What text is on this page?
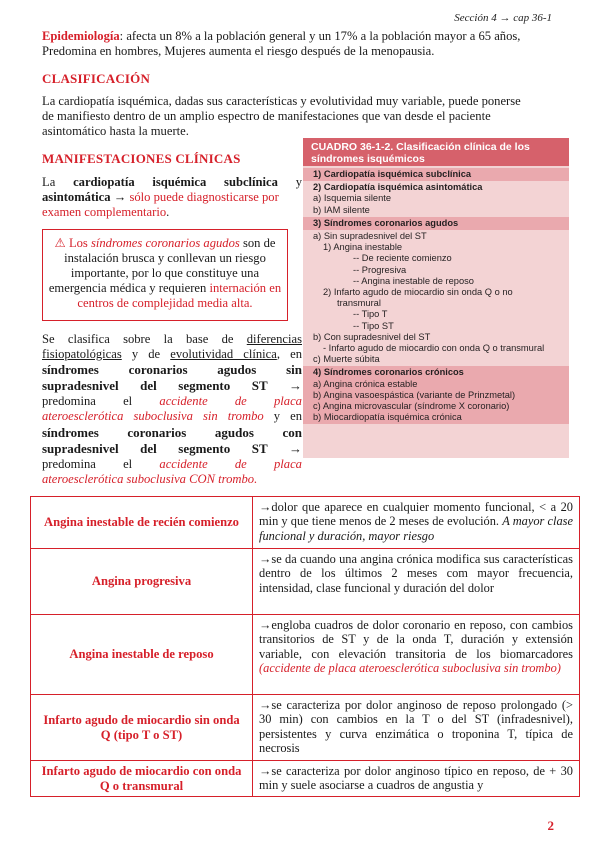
Sección 4 → cap 36-1
Epidemiología: afecta un 8% a la población general y un 17% a la población mayor a 65 años,
Predomina en hombres, Mujeres aumenta el riesgo después de la menopausia.
CLASIFICACIÓN
La cardiopatía isquémica, dadas sus características y evolutividad muy variable, puede ponerse
de manifiesto dentro de un amplio espectro de manifestaciones que van desde el paciente
asintomático hasta la muerte.
MANIFESTACIONES CLÍNICAS
La cardiopatía isquémica subclínica y
asintomática → sólo puede diagnosticarse por
examen complementario.
⚠ Los síndromes coronarios agudos son de instalación brusca y conllevan un riesgo importante, por lo que constituye una emergencia médica y requieren internación en centros de complejidad media alta.
Se clasifica sobre la base de diferencias
fisiopatológicas y de evolutividad clínica, en
síndromes coronarios agudos sin
supradesnivel del segmento ST →
predomina el accidente de placa
ateroesclerótica suboclusiva sin trombo y en
síndromes coronarios agudos con
supradesnivel del segmento ST →
predomina el accidente de placa
ateroesclerótica suboclusiva CON trombo.
CUADRO 36-1-2. Clasificación clínica de los
síndromes isquémicos
1) Cardiopatía isquémica subclínica
2) Cardiopatía isquémica asintomática
a) Isquemia silente
b) IAM silente
3) Síndromes coronarios agudos
a) Sin supradesnivel del ST
1) Angina inestable
-- De reciente comienzo
-- Progresiva
-- Angina inestable de reposo
2) Infarto agudo de miocardio sin onda Q o no
transmural
-- Tipo T
-- Tipo ST
b) Con supradesnivel del ST
- Infarto agudo de miocardio con onda Q o transmural
c) Muerte súbita
4) Síndromes coronarios crónicos
a) Angina crónica estable
b) Angina vasoespástica (variante de Prinzmetal)
c) Angina microvascular (síndrome X coronario)
b) Miocardiopatía isquémica crónica
Angina inestable de recién comienzo	→dolor que aparece en cualquier momento funcional, < a 20 min y que tiene menos de 2 meses de evolución. A mayor clase funcional y duración, mayor riesgo
Angina progresiva	→se da cuando una angina crónica modifica sus características dentro de los últimos 2 meses com mayor frecuencia, intensidad, clase funcional y duración del dolor
Angina inestable de reposo	→engloba cuadros de dolor coronario en reposo, con cambios transitorios de ST y de la onda T, duración y extensión variable, con elevación transitoria de los biomarcadores (accidente de placa ateroesclerótica suboclusiva sin trombo)
Infarto agudo de miocardio sin onda Q (tipo T o ST)	→se caracteriza por dolor anginoso de reposo prolongado (> 30 min) con cambios en la T o del ST (infradesnivel), persistentes y curva enzimática o troponina T, típica de necrosis
Infarto agudo de miocardio con onda Q o transmural	→se caracteriza por dolor anginoso típico en reposo, de + 30 min y suele asociarse a cuadros de angustia y
2
